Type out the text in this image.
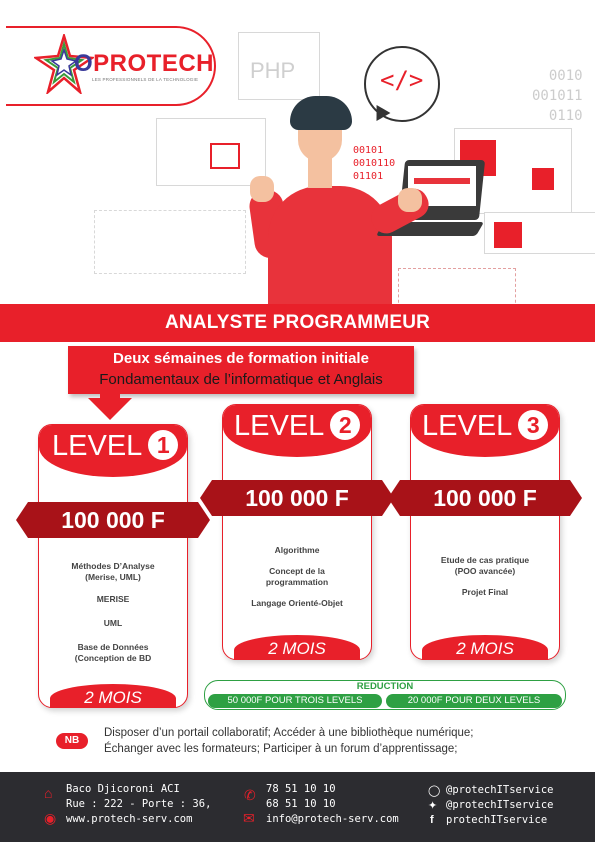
OPROTECH
LES PROFESSIONNELS DE LA TECHNOLOGIE PHP	</>	0010
001011
0110
00101
0010110
01101
ANALYSTE PROGRAMMEUR
Deux sémaines de formation initiale
Fondamentaux de l’informatique et Anglais
LEVEL 1
100 000 F
Méthodes D’Analyse
(Merise, UML)
MERISE
UML
Base de Données
(Conception de BD
2 MOIS
LEVEL 2
100 000 F
Algorithme
Concept de la
programmation
Langage Orienté-Objet
2 MOIS
LEVEL 3
100 000 F
Etude de cas pratique
(POO avancée)
Projet Final
2 MOIS
REDUCTION
50 000F POUR TROIS LEVELS	20 000F POUR DEUX LEVELS
NB
Disposer d’un portail collaboratif; Accéder à une bibliothèque numérique;
Échanger avec les formateurs; Participer à un forum d’apprentissage;
⌂ Baco Djicoroni ACI
Rue : 222 - Porte : 36,
◉ www.protech-serv.com
✆ 78 51 10 10
68 51 10 10
✉ info@protech-serv.com
◯ @protechITservice
✦ @protechITservice
f protechITservice
